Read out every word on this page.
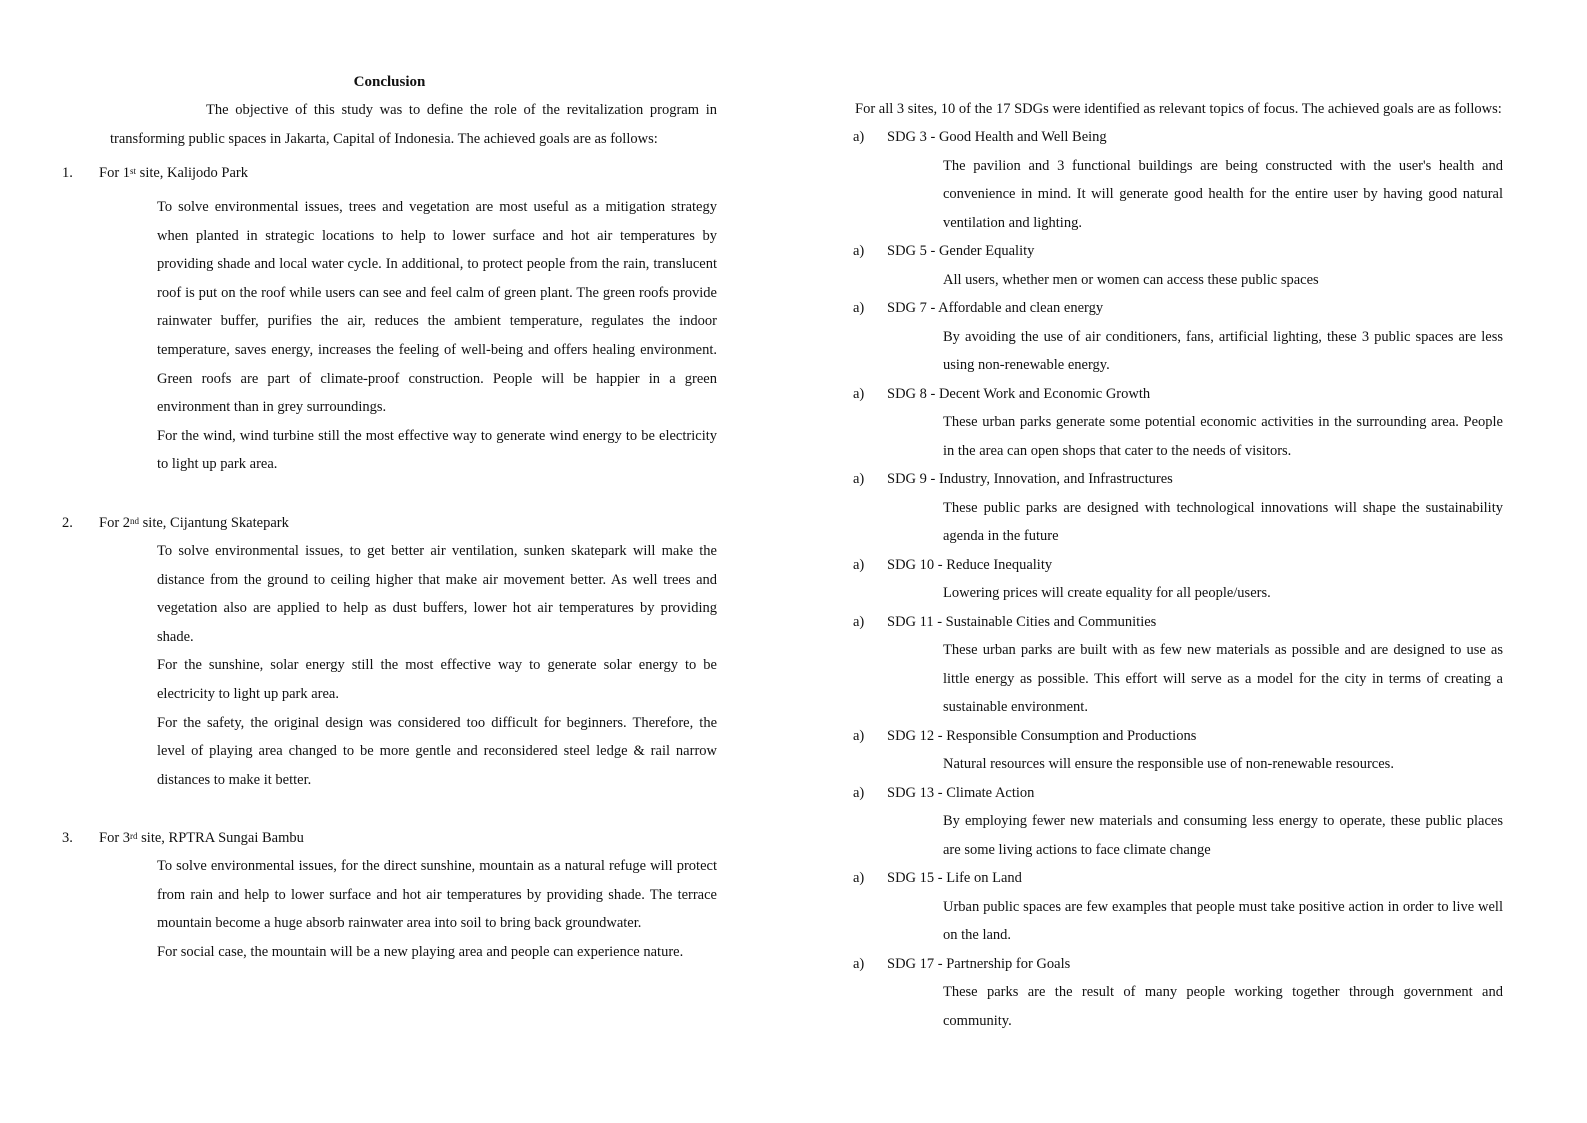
Conclusion

The objective of this study was to define the role of the revitalization program in transforming public spaces in Jakarta, Capital of Indonesia. The achieved goals are as follows:

1.	For 1st site, Kalijodo Park

To solve environmental issues, trees and vegetation are most useful as a mitigation strategy when planted in strategic locations to help to lower surface and hot air temperatures by providing shade and local water cycle. In additional, to protect people from the rain, translucent roof is put on the roof while users can see and feel calm of green plant. The green roofs provide rainwater buffer, purifies the air, reduces the ambient temperature, regulates the indoor temperature, saves energy, increases the feeling of well-being and offers healing environment. Green roofs are part of climate-proof construction. People will be happier in a green environment than in grey surroundings.

For the wind, wind turbine still the most effective way to generate wind energy to be electricity to light up park area.

2.	For 2nd site, Cijantung Skatepark

To solve environmental issues, to get better air ventilation, sunken skatepark will make the distance from the ground to ceiling higher that make air movement better. As well trees and vegetation also are applied to help as dust buffers, lower hot air temperatures by providing shade.

For the sunshine, solar energy still the most effective way to generate solar energy to be electricity to light up park area.

For the safety, the original design was considered too difficult for beginners. Therefore, the level of playing area changed to be more gentle and reconsidered steel ledge & rail narrow distances to make it better.

3.	For 3rd site, RPTRA Sungai Bambu

To solve environmental issues, for the direct sunshine, mountain as a natural refuge will protect from rain and help to lower surface and hot air temperatures by providing shade. The terrace mountain become a huge absorb rainwater area into soil to bring back groundwater.

For social case, the mountain will be a new playing area and people can experience nature.

For all 3 sites, 10 of the 17 SDGs were identified as relevant topics of focus. The achieved goals are as follows:

a)	SDG 3 - Good Health and Well Being
The pavilion and 3 functional buildings are being constructed with the user's health and convenience in mind. It will generate good health for the entire user by having good natural ventilation and lighting.
a)	SDG 5 - Gender Equality
All users, whether men or women can access these public spaces
a)	SDG 7 - Affordable and clean energy
By avoiding the use of air conditioners, fans, artificial lighting, these 3 public spaces are less using non-renewable energy.
a)	SDG 8 - Decent Work and Economic Growth
These urban parks generate some potential economic activities in the surrounding area. People in the area can open shops that cater to the needs of visitors.
a)	SDG 9 - Industry, Innovation, and Infrastructures
These public parks are designed with technological innovations will shape the sustainability agenda in the future
a)	SDG 10 - Reduce Inequality
Lowering prices will create equality for all people/users.
a)	SDG 11 - Sustainable Cities and Communities
These urban parks are built with as few new materials as possible and are designed to use as little energy as possible. This effort will serve as a model for the city in terms of creating a sustainable environment.
a)	SDG 12 - Responsible Consumption and Productions
Natural resources will ensure the responsible use of non-renewable resources.
a)	SDG 13 - Climate Action
By employing fewer new materials and consuming less energy to operate, these public places are some living actions to face climate change
a)	SDG 15 - Life on Land
Urban public spaces are few examples that people must take positive action in order to live well on the land.
a)	SDG 17 - Partnership for Goals
These parks are the result of many people working together through government and community.
